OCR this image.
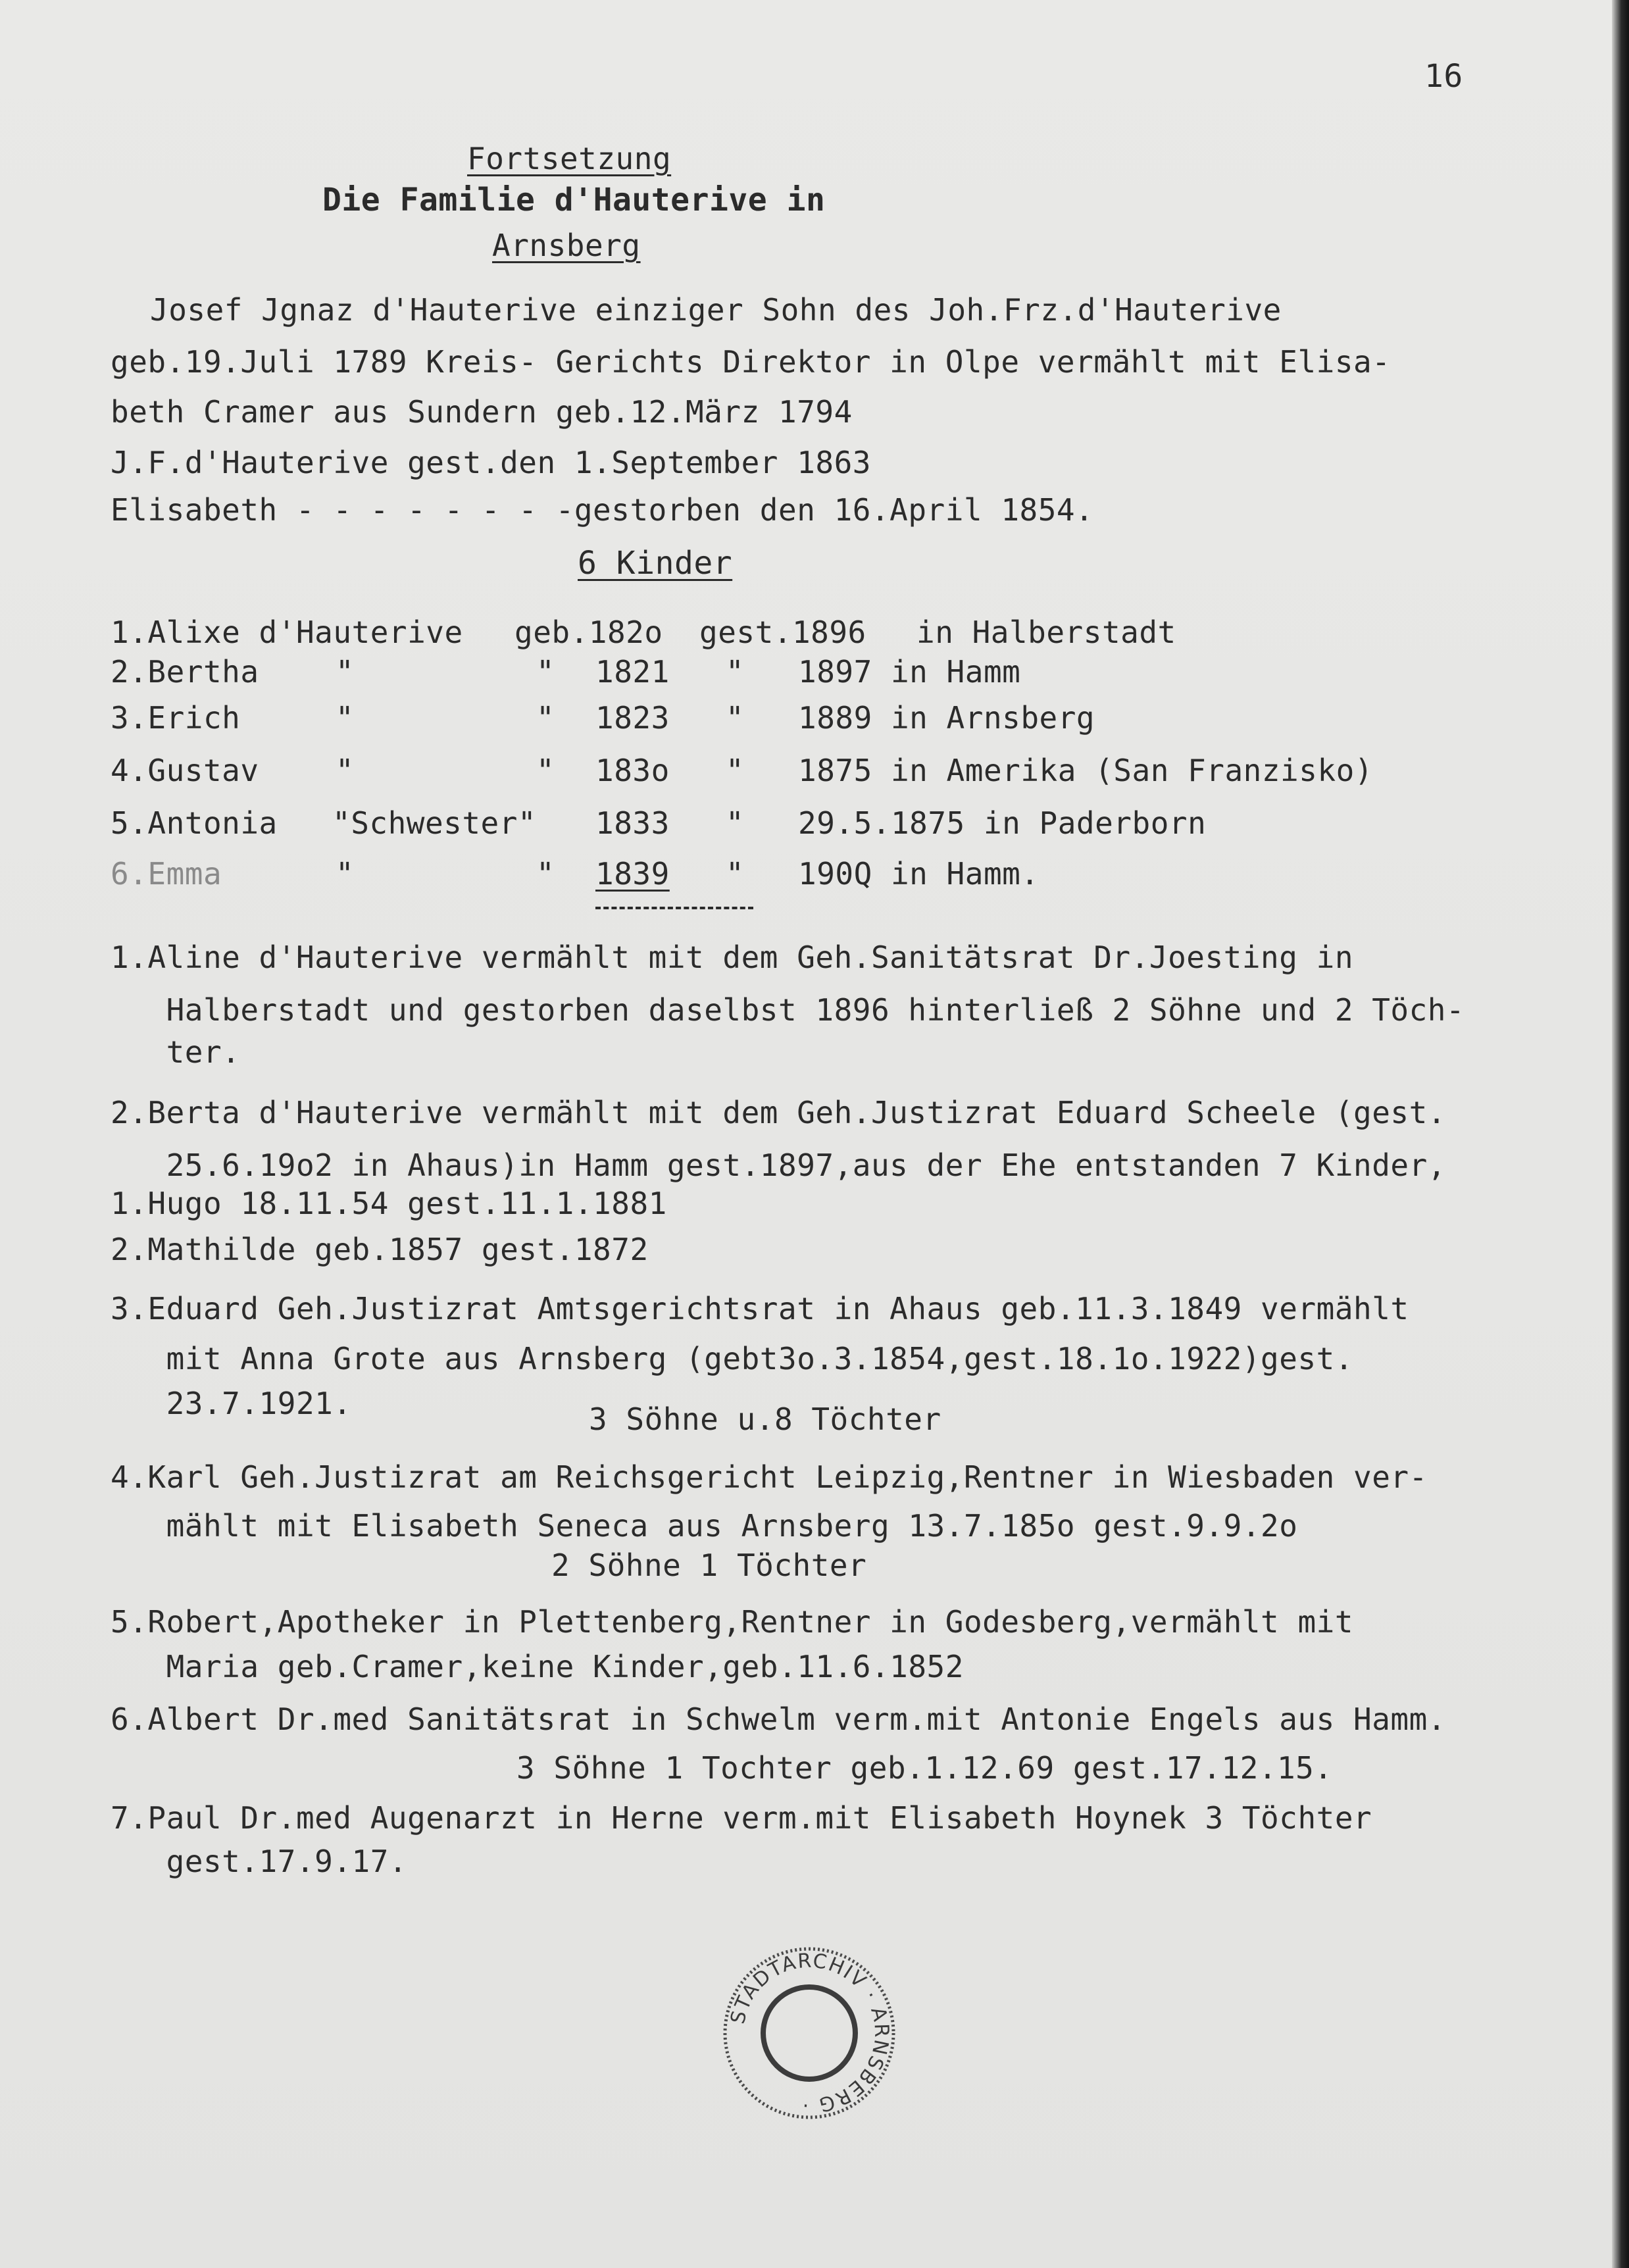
16
Fortsetzung
Die Familie d'Hauterive in
Arnsberg
Josef Jgnaz d'Hauterive einziger Sohn des Joh.Frz.d'Hauterive
geb.19.Juli 1789 Kreis- Gerichts Direktor in Olpe vermählt mit Elisa-
beth Cramer aus Sundern geb.12.März 1794
J.F.d'Hauterive gest.den 1.September 1863
Elisabeth - - - - - - - -gestorben den 16.April 1854.
6 Kinder
1.Alixe d'Hauterive geb.182o gest.1896 in Halberstadt
2.Bertha	"	" 1821 " 1897 in Hamm
3.Erich	"	" 1823 " 1889 in Arnsberg
4.Gustav	"	" 183o " 1875 in Amerika (San Franzisko)
5.Antonia "Schwester" 1833 " 29.5.1875 in Paderborn
6.Emma	"	" 1839 " 190Q in Hamm.
1.Aline d'Hauterive vermählt mit dem Geh.Sanitätsrat Dr.Joesting in
Halberstadt und gestorben daselbst 1896 hinterließ 2 Söhne und 2 Töch-
ter.
2.Berta d'Hauterive vermählt mit dem Geh.Justizrat Eduard Scheele (gest.
25.6.19o2 in Ahaus)in Hamm gest.1897,aus der Ehe entstanden 7 Kinder,
1.Hugo 18.11.54 gest.11.1.1881
2.Mathilde geb.1857 gest.1872
3.Eduard Geh.Justizrat Amtsgerichtsrat in Ahaus geb.11.3.1849 vermählt
mit Anna Grote aus Arnsberg (gebt3o.3.1854,gest.18.1o.1922)gest.
23.7.1921.	3 Söhne u.8 Töchter
4.Karl Geh.Justizrat am Reichsgericht Leipzig,Rentner in Wiesbaden ver-
mählt mit Elisabeth Seneca aus Arnsberg 13.7.185o gest.9.9.2o
2 Söhne 1 Töchter
5.Robert,Apotheker in Plettenberg,Rentner in Godesberg,vermählt mit
Maria geb.Cramer,keine Kinder,geb.11.6.1852
6.Albert Dr.med Sanitätsrat in Schwelm verm.mit Antonie Engels aus Hamm.
3 Söhne 1 Tochter geb.1.12.69 gest.17.12.15.
7.Paul Dr.med Augenarzt in Herne verm.mit Elisabeth Hoynek 3 Töchter
gest.17.9.17.
STADTARCHIV · ARNSBERG ·
